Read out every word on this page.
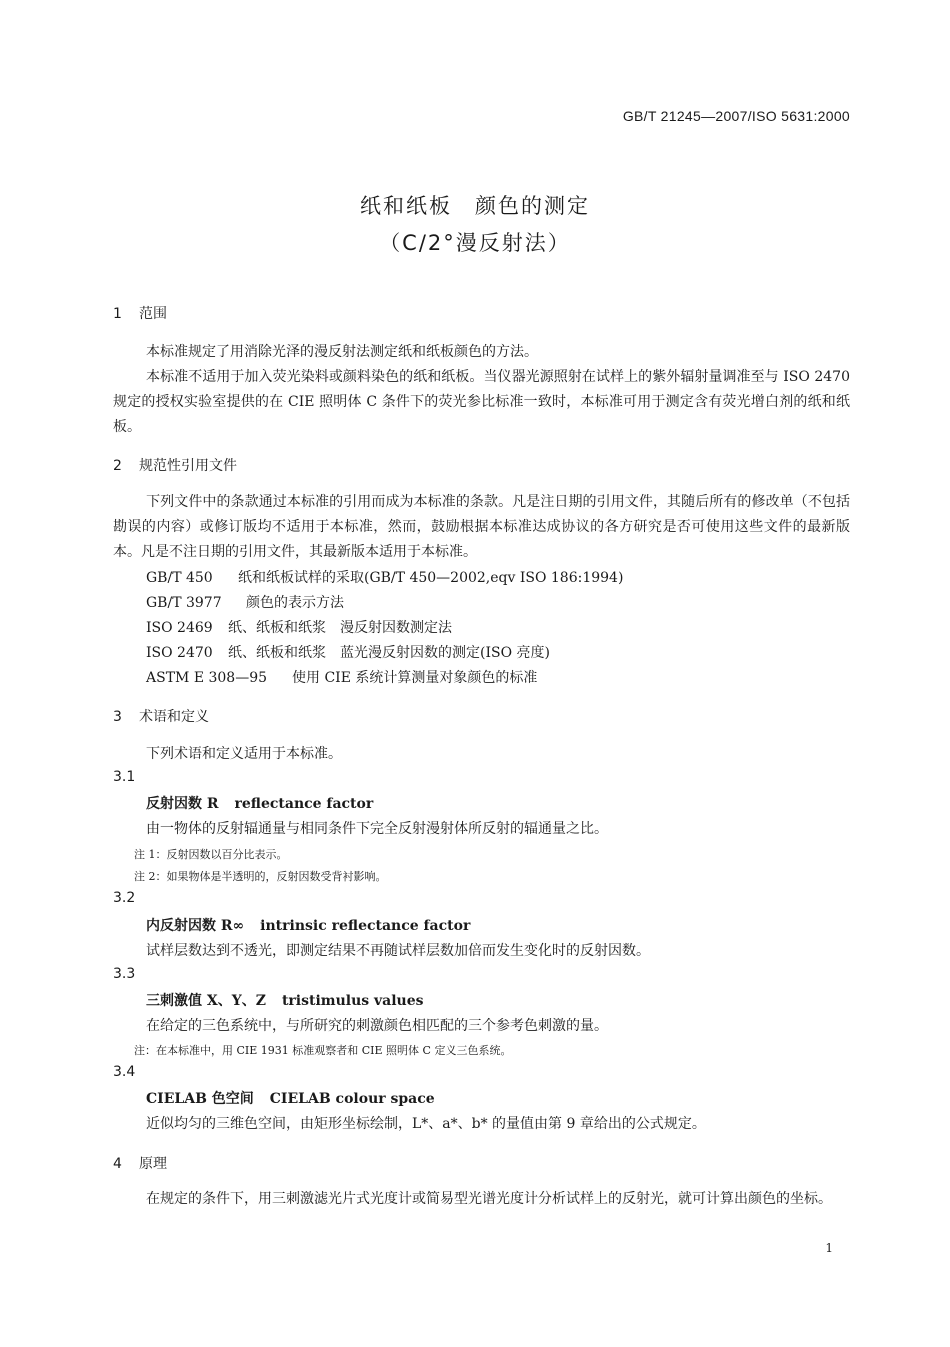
GB/T 21245—2007/ISO 5631:2000
纸和纸板　颜色的测定
（C/2°漫反射法）
1 范围
本标准规定了用消除光泽的漫反射法测定纸和纸板颜色的方法。
本标准不适用于加入荧光染料或颜料染色的纸和纸板。当仪器光源照射在试样上的紫外辐射量调准至与 ISO 2470 规定的授权实验室提供的在 CIE 照明体 C 条件下的荧光参比标准一致时，本标准可用于测定含有荧光增白剂的纸和纸板。
2 规范性引用文件
下列文件中的条款通过本标准的引用而成为本标准的条款。凡是注日期的引用文件，其随后所有的修改单（不包括勘误的内容）或修订版均不适用于本标准，然而，鼓励根据本标准达成协议的各方研究是否可使用这些文件的最新版本。凡是不注日期的引用文件，其最新版本适用于本标准。
GB/T 450 纸和纸板试样的采取(GB/T 450—2002,eqv ISO 186:1994)
GB/T 3977 颜色的表示方法
ISO 2469 纸、纸板和纸浆　漫反射因数测定法
ISO 2470 纸、纸板和纸浆　蓝光漫反射因数的测定(ISO 亮度)
ASTM E 308—95 使用 CIE 系统计算测量对象颜色的标准
3 术语和定义
下列术语和定义适用于本标准。
3.1
反射因数 R reflectance factor
由一物体的反射辐通量与相同条件下完全反射漫射体所反射的辐通量之比。
注 1：反射因数以百分比表示。
注 2：如果物体是半透明的，反射因数受背衬影响。
3.2
内反射因数 R∞ intrinsic reflectance factor
试样层数达到不透光，即测定结果不再随试样层数加倍而发生变化时的反射因数。
3.3
三刺激值 X、Y、Z tristimulus values
在给定的三色系统中，与所研究的刺激颜色相匹配的三个参考色刺激的量。
注：在本标准中，用 CIE 1931 标准观察者和 CIE 照明体 C 定义三色系统。
3.4
CIELAB 色空间 CIELAB colour space
近似均匀的三维色空间，由矩形坐标绘制，L*、a*、b* 的量值由第 9 章给出的公式规定。
4 原理
在规定的条件下，用三刺激滤光片式光度计或简易型光谱光度计分析试样上的反射光，就可计算出颜色的坐标。
1
